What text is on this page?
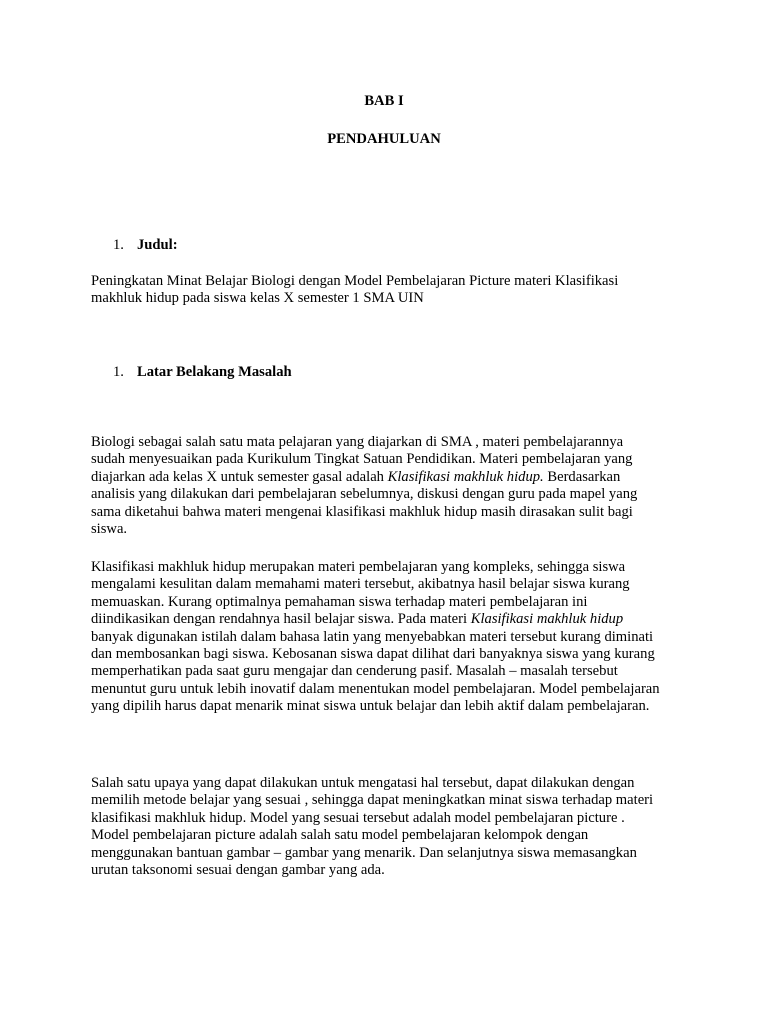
BAB I
PENDAHULUAN
1. Judul:
Peningkatan Minat Belajar Biologi dengan Model Pembelajaran Picture materi Klasifikasi
makhluk hidup pada siswa kelas X semester 1 SMA UIN
1. Latar Belakang Masalah
Biologi sebagai salah satu mata pelajaran yang diajarkan di SMA , materi pembelajarannya
sudah menyesuaikan pada Kurikulum Tingkat Satuan Pendidikan. Materi pembelajaran yang
diajarkan ada kelas X untuk semester gasal adalah Klasifikasi makhluk hidup. Berdasarkan
analisis yang dilakukan dari pembelajaran sebelumnya, diskusi dengan guru pada mapel yang
sama diketahui bahwa materi mengenai klasifikasi makhluk hidup masih dirasakan sulit bagi
siswa.
Klasifikasi makhluk hidup merupakan materi pembelajaran yang kompleks, sehingga siswa
mengalami kesulitan dalam memahami materi tersebut, akibatnya hasil belajar siswa kurang
memuaskan. Kurang optimalnya pemahaman siswa terhadap materi pembelajaran ini
diindikasikan dengan rendahnya hasil belajar siswa. Pada materi Klasifikasi makhluk hidup
banyak digunakan istilah dalam bahasa latin yang menyebabkan materi tersebut kurang diminati
dan membosankan bagi siswa. Kebosanan siswa dapat dilihat dari banyaknya siswa yang kurang
memperhatikan pada saat guru mengajar dan cenderung pasif. Masalah – masalah tersebut
menuntut guru untuk lebih inovatif dalam menentukan model pembelajaran. Model pembelajaran
yang dipilih harus dapat menarik minat siswa untuk belajar dan lebih aktif dalam pembelajaran.
Salah satu upaya yang dapat dilakukan untuk mengatasi hal tersebut, dapat dilakukan dengan
memilih metode belajar yang sesuai , sehingga dapat meningkatkan minat siswa terhadap materi
klasifikasi makhluk hidup. Model yang sesuai tersebut adalah model pembelajaran picture .
Model pembelajaran picture adalah salah satu model pembelajaran kelompok dengan
menggunakan bantuan gambar – gambar yang menarik. Dan selanjutnya siswa memasangkan
urutan taksonomi sesuai dengan gambar yang ada.
